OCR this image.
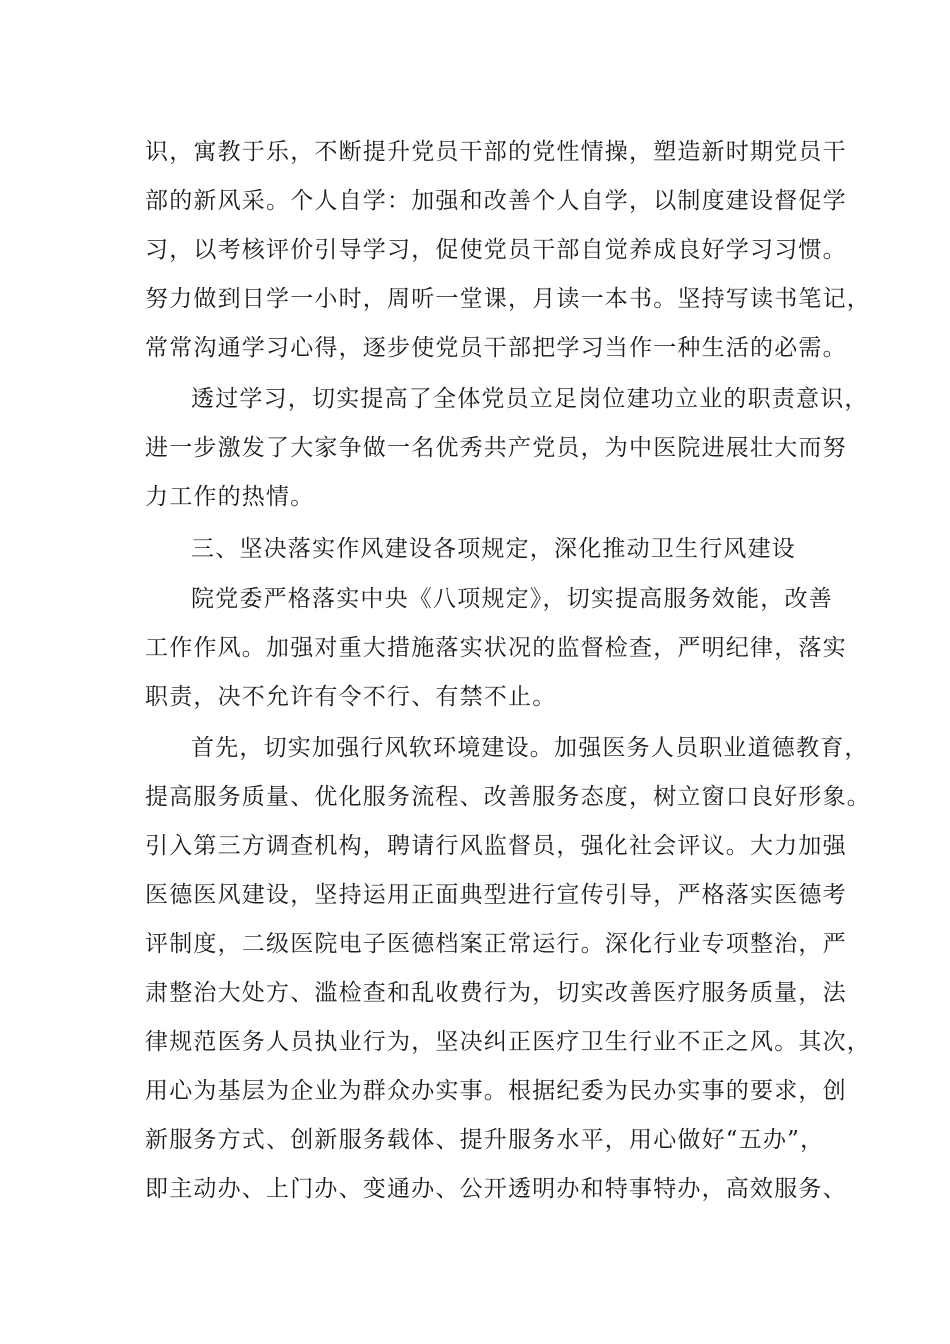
识，寓教于乐，不断提升党员干部的党性情操，塑造新时期党员干
部的新风采。个人自学：加强和改善个人自学，以制度建设督促学
习，以考核评价引导学习，促使党员干部自觉养成良好学习习惯。
努力做到日学一小时，周听一堂课，月读一本书。坚持写读书笔记，
常常沟通学习心得，逐步使党员干部把学习当作一种生活的必需。
透过学习，切实提高了全体党员立足岗位建功立业的职责意识，
进一步激发了大家争做一名优秀共产党员，为中医院进展壮大而努
力工作的热情。
三、坚决落实作风建设各项规定，深化推动卫生行风建设
院党委严格落实中央《八项规定》，切实提高服务效能，改善
工作作风。加强对重大措施落实状况的监督检查，严明纪律，落实
职责，决不允许有令不行、有禁不止。
首先，切实加强行风软环境建设。加强医务人员职业道德教育，
提高服务质量、优化服务流程、改善服务态度，树立窗口良好形象。
引入第三方调查机构，聘请行风监督员，强化社会评议。大力加强
医德医风建设，坚持运用正面典型进行宣传引导，严格落实医德考
评制度，二级医院电子医德档案正常运行。深化行业专项整治，严
肃整治大处方、滥检查和乱收费行为，切实改善医疗服务质量，法
律规范医务人员执业行为，坚决纠正医疗卫生行业不正之风。其次，
用心为基层为企业为群众办实事。根据纪委为民办实事的要求，创
新服务方式、创新服务载体、提升服务水平，用心做好“五办”，
即主动办、上门办、变通办、公开透明办和特事特办，高效服务、
